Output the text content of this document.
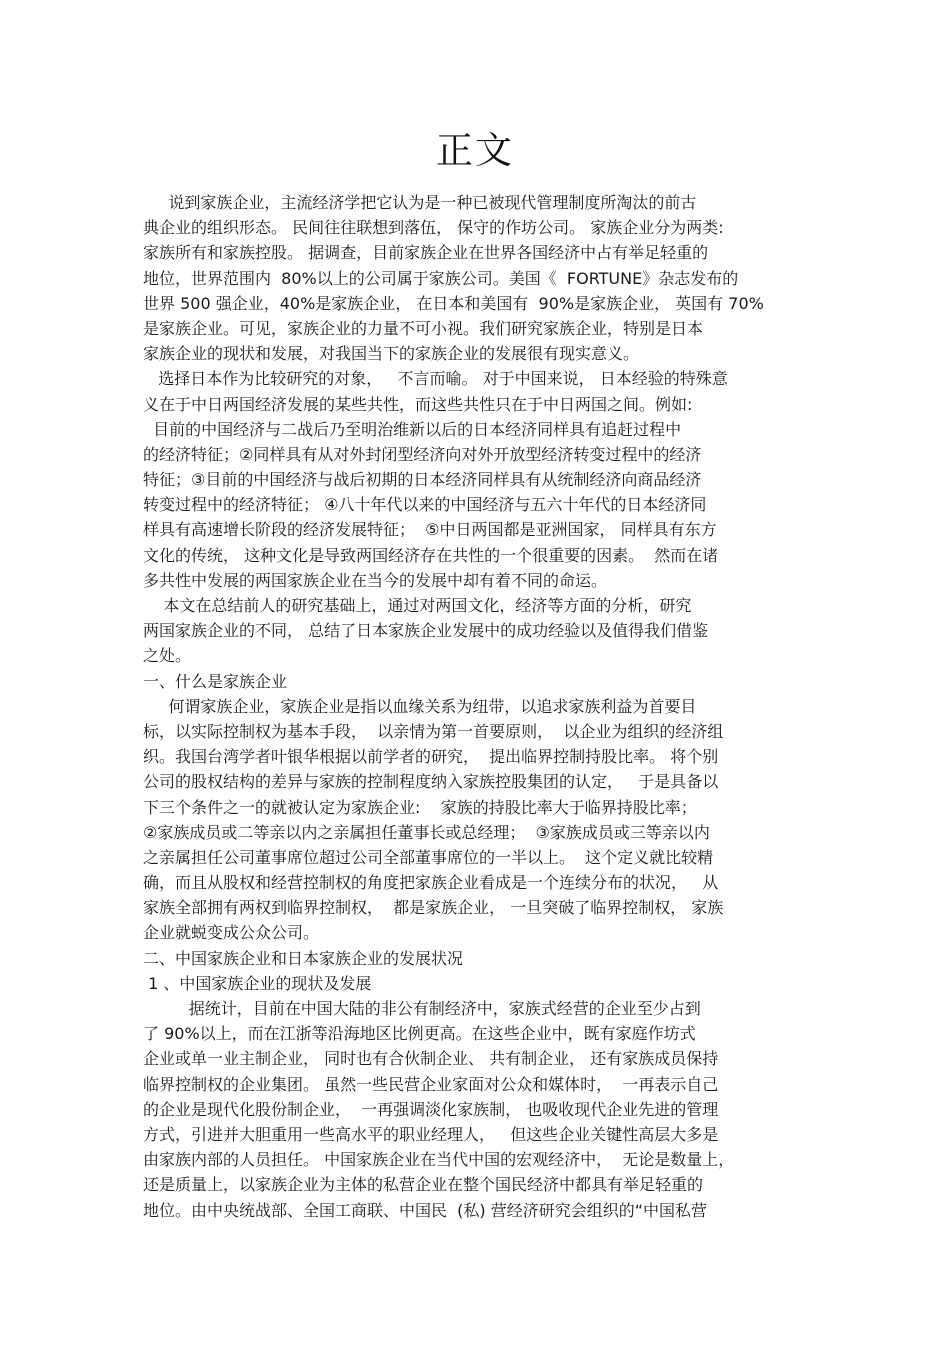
正文
说到家族企业，主流经济学把它认为是一种已被现代管理制度所淘汰的前古
典企业的组织形态。 民间往往联想到落伍， 保守的作坊公司。 家族企业分为两类:
家族所有和家族控股。 据调查，目前家族企业在世界各国经济中占有举足轻重的
地位，世界范围内  80%以上的公司属于家族公司。美国《  FORTUNE》杂志发布的
世界 500 强企业，40%是家族企业， 在日本和美国有  90%是家族企业， 英国有 70%
是家族企业。可见，家族企业的力量不可小视。我们研究家族企业，特别是日本
家族企业的现状和发展，对我国当下的家族企业的发展很有现实意义。
选择日本作为比较研究的对象，   不言而喻。 对于中国来说， 日本经验的特殊意
义在于中日两国经济发展的某些共性，而这些共性只在于中日两国之间。例如:
目前的中国经济与二战后乃至明治维新以后的日本经济同样具有追赶过程中
的经济特征；②同样具有从对外封闭型经济向对外开放型经济转变过程中的经济
特征；③目前的中国经济与战后初期的日本经济同样具有从统制经济向商品经济
转变过程中的经济特征； ④八十年代以来的中国经济与五六十年代的日本经济同
样具有高速增长阶段的经济发展特征；  ⑤中日两国都是亚洲国家， 同样具有东方
文化的传统， 这种文化是导致两国经济存在共性的一个很重要的因素。  然而在诸
多共性中发展的两国家族企业在当今的发展中却有着不同的命运。
本文在总结前人的研究基础上，通过对两国文化，经济等方面的分析，研究
两国家族企业的不同， 总结了日本家族企业发展中的成功经验以及值得我们借鉴
之处。
一、什么是家族企业
何谓家族企业，家族企业是指以血缘关系为纽带，以追求家族利益为首要目
标，以实际控制权为基本手段，  以亲情为第一首要原则，  以企业为组织的经济组
织。我国台湾学者叶银华根据以前学者的研究，  提出临界控制持股比率。 将个别
公司的股权结构的差异与家族的控制程度纳入家族控股集团的认定，   于是具备以
下三个条件之一的就被认定为家族企业:    家族的持股比率大于临界持股比率；
②家族成员或二等亲以内之亲属担任董事长或总经理；  ③家族成员或三等亲以内
之亲属担任公司董事席位超过公司全部董事席位的一半以上。  这个定义就比较精
确，而且从股权和经营控制权的角度把家族企业看成是一个连续分布的状况，   从
家族全部拥有两权到临界控制权，  都是家族企业， 一旦突破了临界控制权， 家族
企业就蜕变成公众公司。
二、中国家族企业和日本家族企业的发展状况
1 、中国家族企业的现状及发展
据统计，目前在中国大陆的非公有制经济中，家族式经营的企业至少占到
了 90%以上，而在江浙等沿海地区比例更高。在这些企业中，既有家庭作坊式
企业或单一业主制企业， 同时也有合伙制企业、 共有制企业， 还有家族成员保持
临界控制权的企业集团。 虽然一些民营企业家面对公众和媒体时，  一再表示自己
的企业是现代化股份制企业，  一再强调淡化家族制， 也吸收现代企业先进的管理
方式，引进并大胆重用一些高水平的职业经理人，   但这些企业关键性高层大多是
由家族内部的人员担任。 中国家族企业在当代中国的宏观经济中，  无论是数量上，
还是质量上，以家族企业为主体的私营企业在整个国民经济中都具有举足轻重的
地位。由中央统战部、全国工商联、中国民  (私) 营经济研究会组织的“中国私营
